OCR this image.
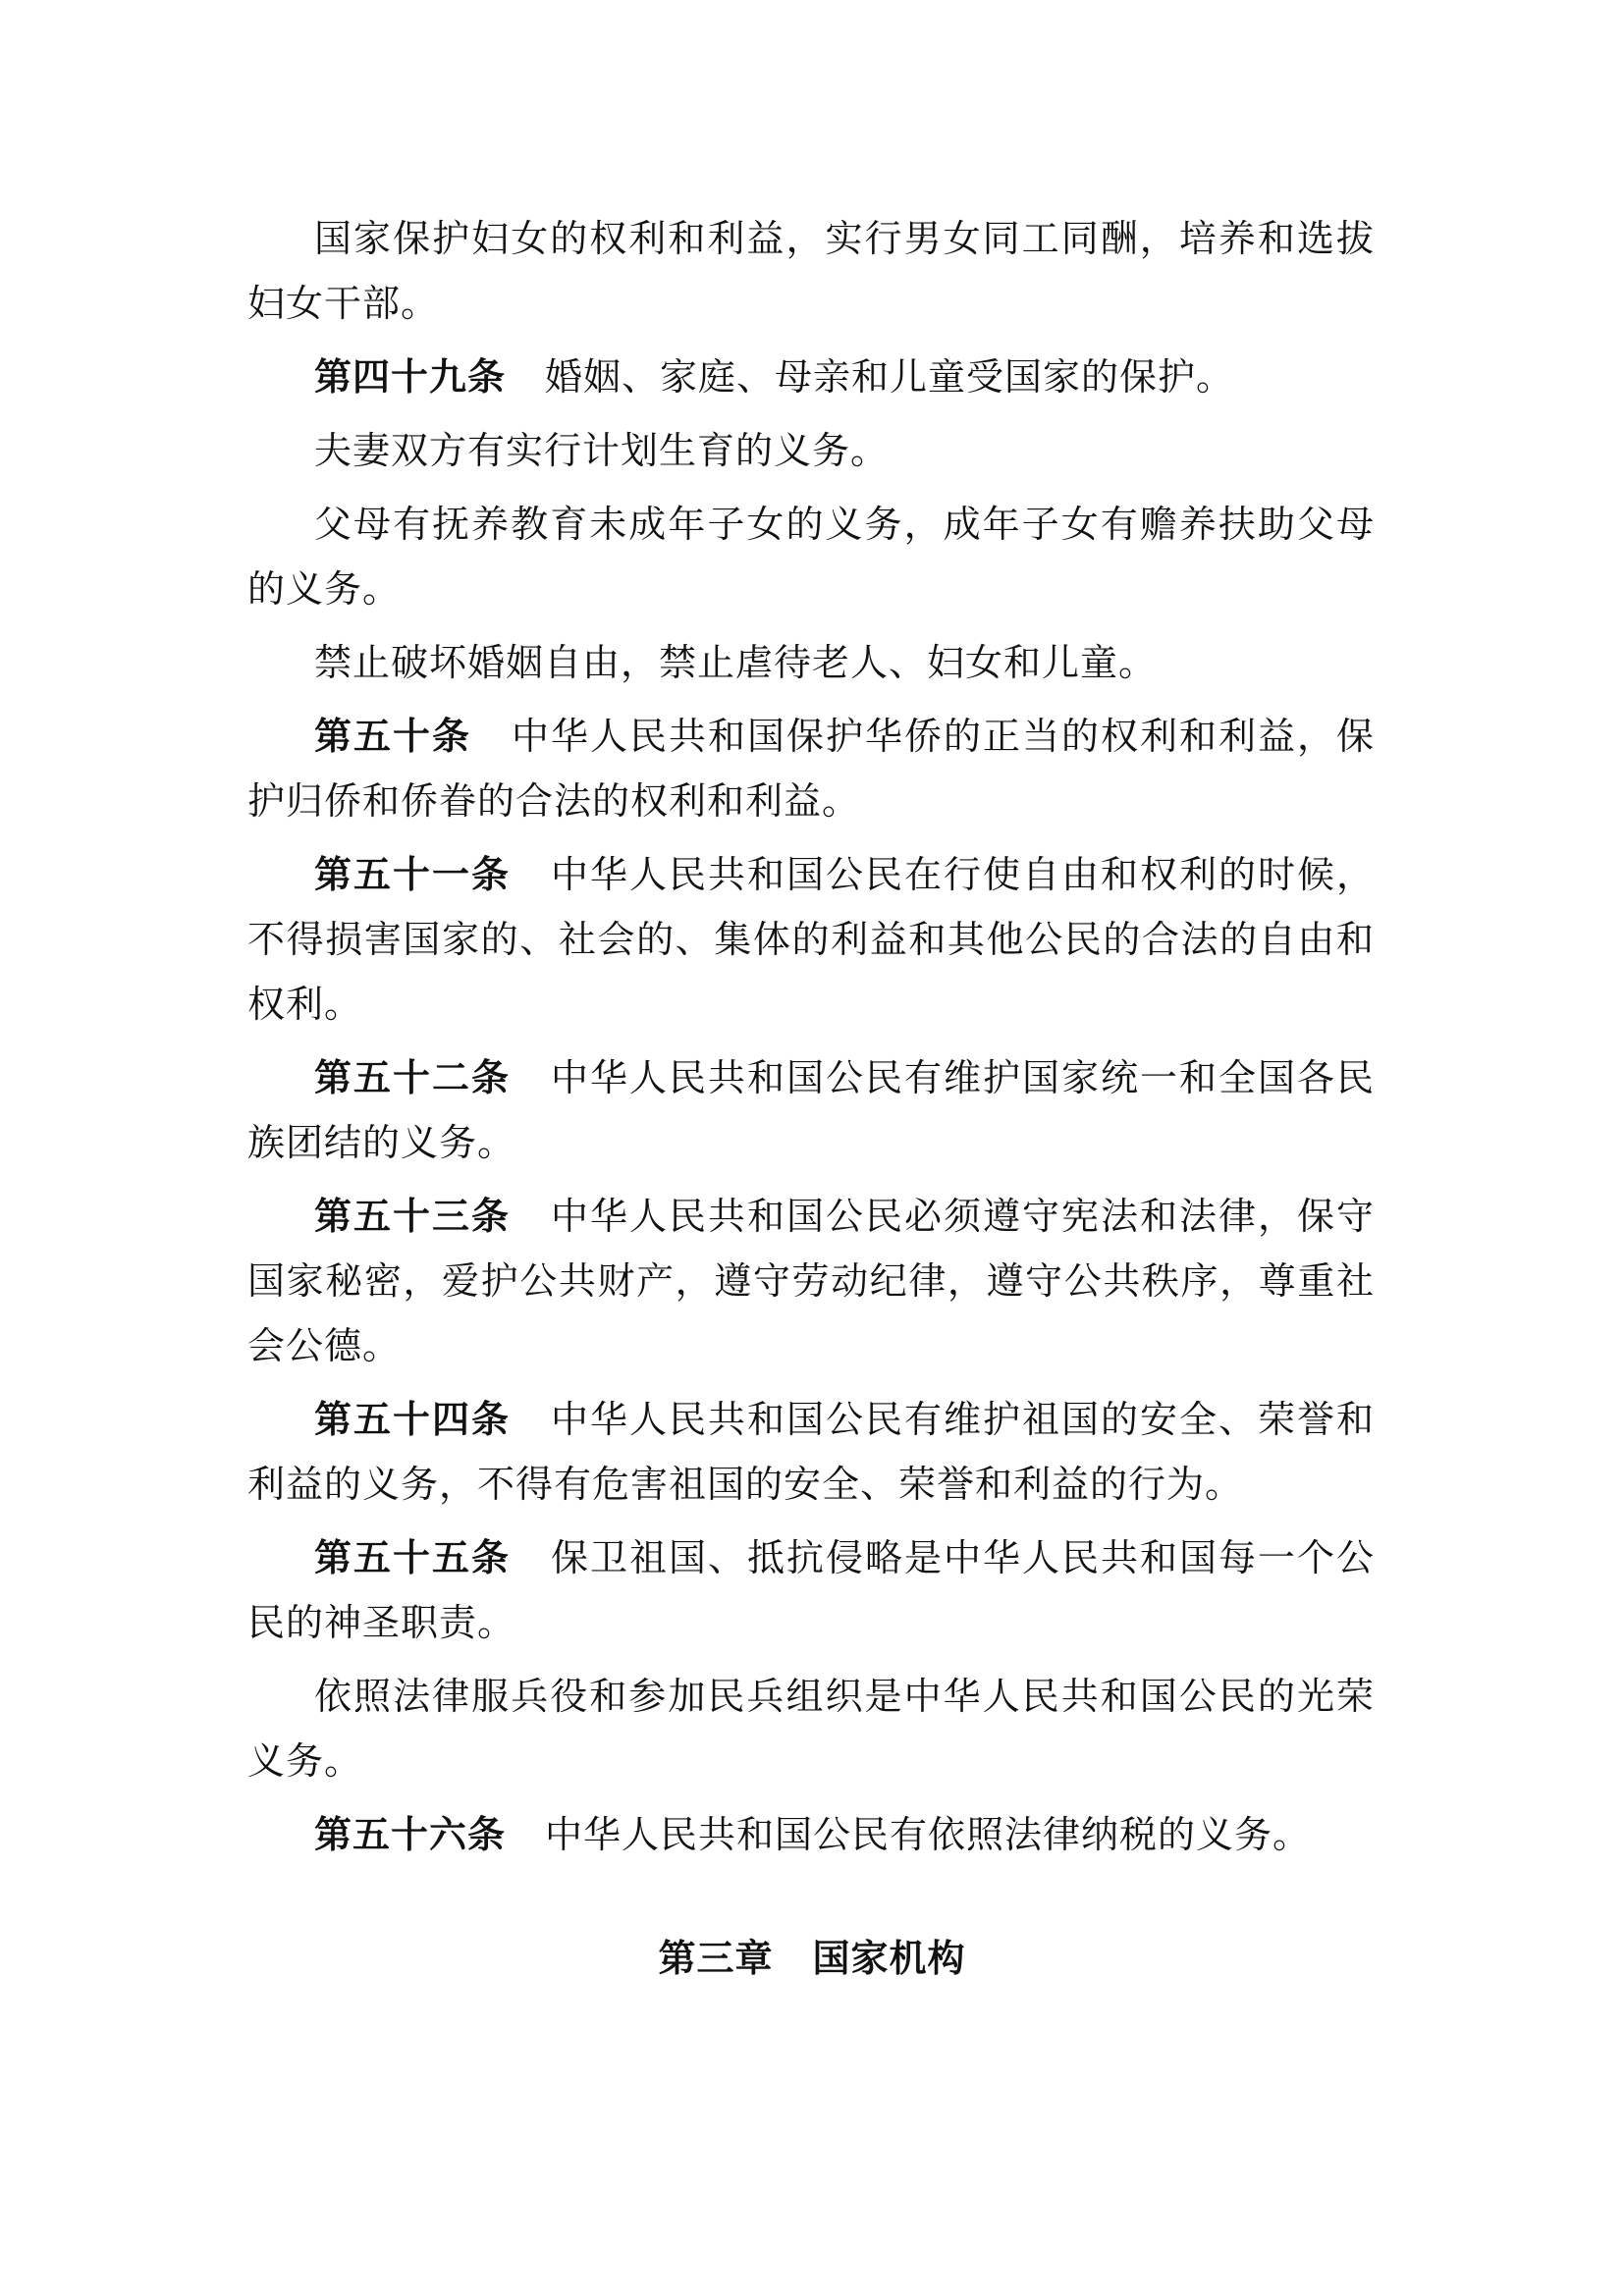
国家保护妇女的权利和利益，实行男女同工同酬，培养和选拔妇女干部。

第四十九条 婚姻、家庭、母亲和儿童受国家的保护。

夫妻双方有实行计划生育的义务。

父母有抚养教育未成年子女的义务，成年子女有赡养扶助父母的义务。

禁止破坏婚姻自由，禁止虐待老人、妇女和儿童。

第五十条 中华人民共和国保护华侨的正当的权利和利益，保护归侨和侨眷的合法的权利和利益。

第五十一条 中华人民共和国公民在行使自由和权利的时候，不得损害国家的、社会的、集体的利益和其他公民的合法的自由和权利。

第五十二条 中华人民共和国公民有维护国家统一和全国各民族团结的义务。

第五十三条 中华人民共和国公民必须遵守宪法和法律，保守国家秘密，爱护公共财产，遵守劳动纪律，遵守公共秩序，尊重社会公德。

第五十四条 中华人民共和国公民有维护祖国的安全、荣誉和利益的义务，不得有危害祖国的安全、荣誉和利益的行为。

第五十五条 保卫祖国、抵抗侵略是中华人民共和国每一个公民的神圣职责。

依照法律服兵役和参加民兵组织是中华人民共和国公民的光荣义务。

第五十六条 中华人民共和国公民有依照法律纳税的义务。

第三章 国家机构
